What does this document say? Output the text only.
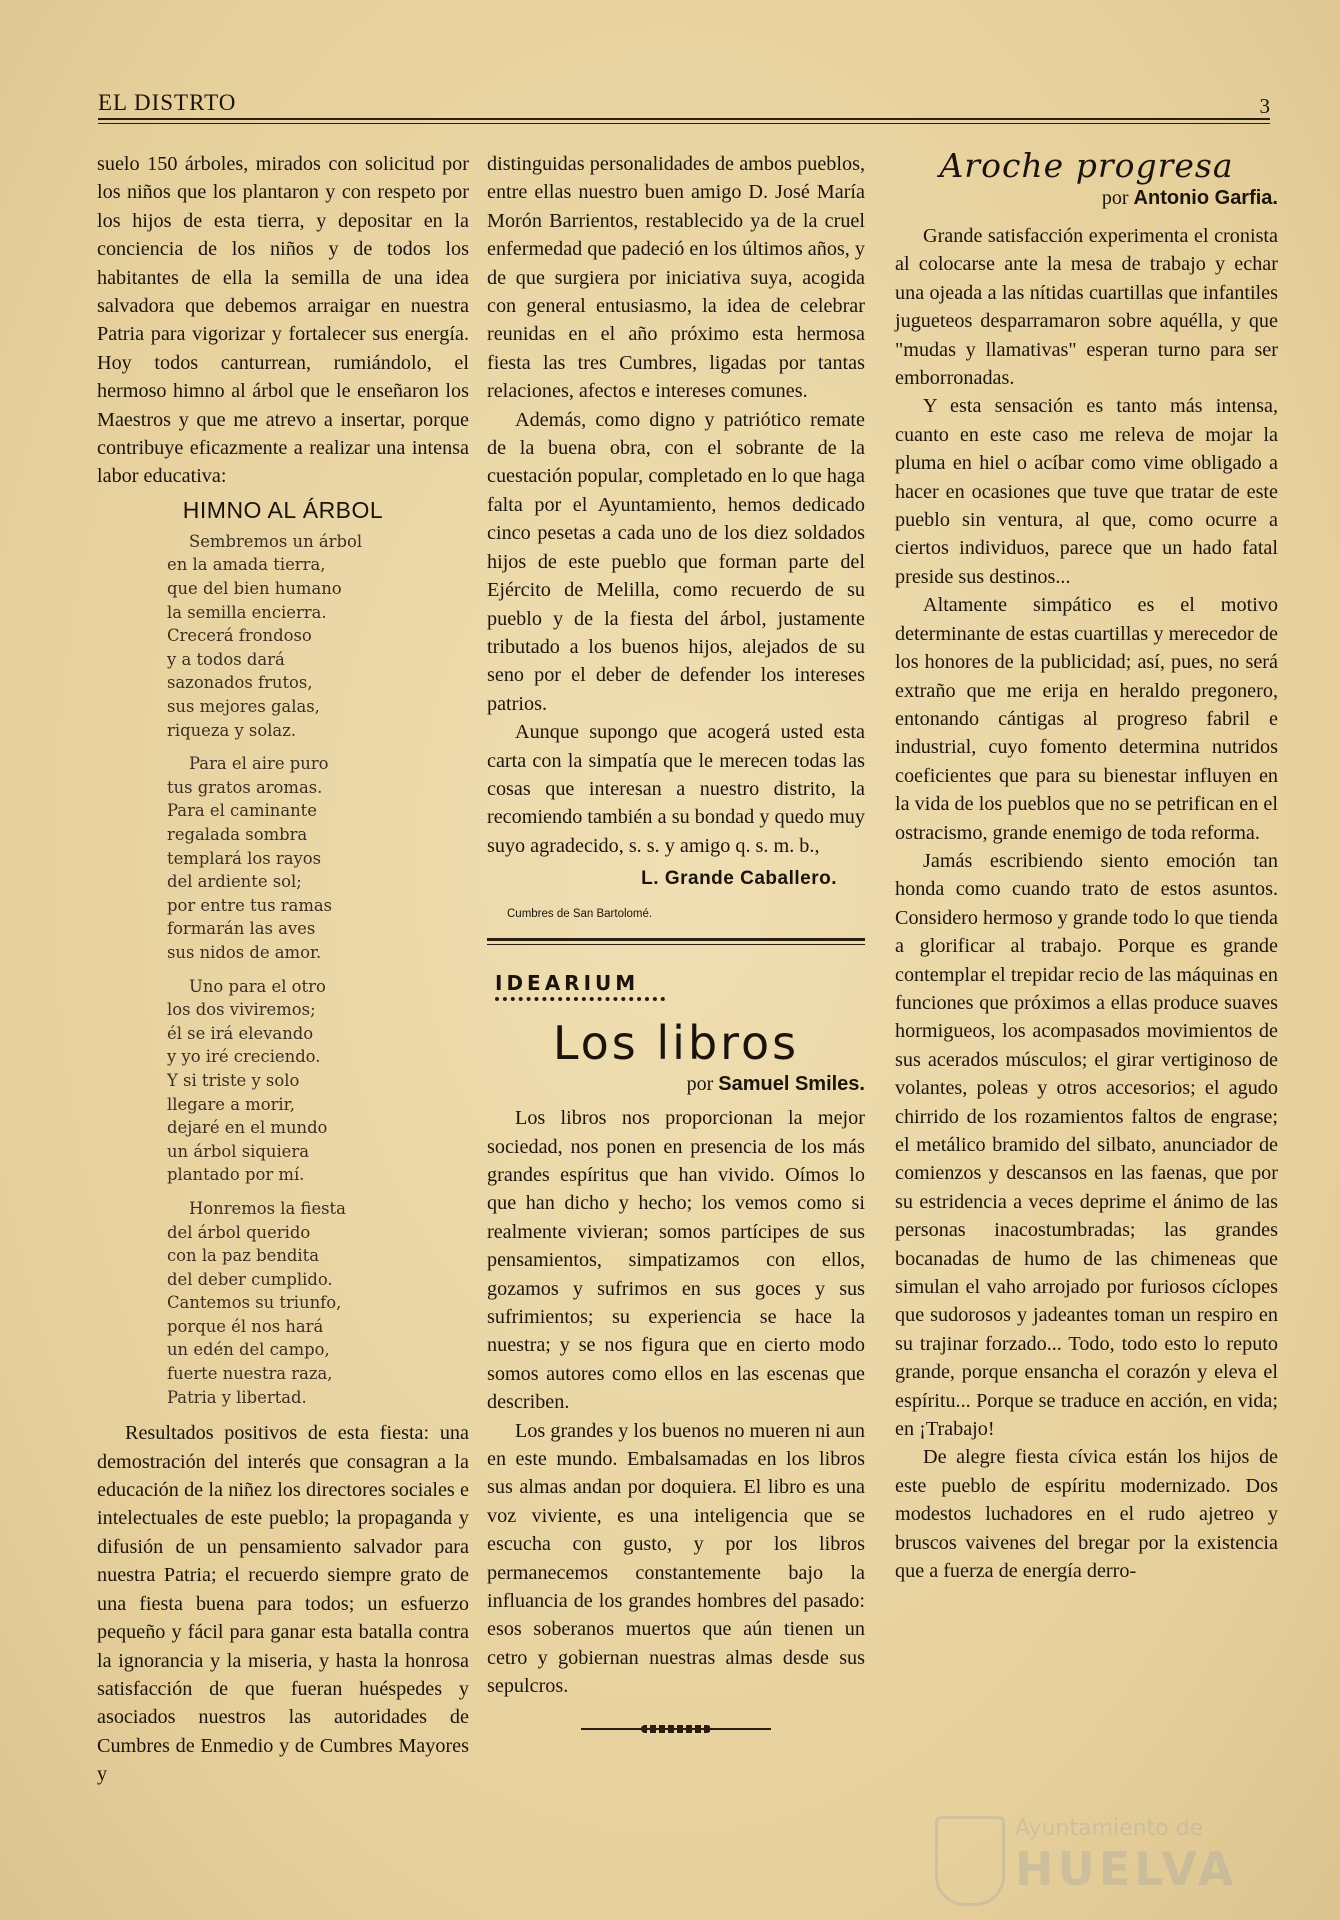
EL DISTRTO	3

suelo 150 árboles, mirados con solicitud por los niños que los plantaron y con respeto por los hijos de esta tierra, y depositar en la conciencia de los niños y de todos los habitantes de ella la semilla de una idea salvadora que debemos arraigar en nuestra Patria para vigorizar y fortalecer sus energía. Hoy todos canturrean, rumiándolo, el hermoso himno al árbol que le enseñaron los Maestros y que me atrevo a insertar, porque contribuye eficazmente a realizar una intensa labor educativa:

HIMNO AL ÁRBOL
Sembremos un árbol
en la amada tierra,
que del bien humano
la semilla encierra.
Crecerá frondoso
y a todos dará
sazonados frutos,
sus mejores galas,
riqueza y solaz.
Para el aire puro
tus gratos aromas.
Para el caminante
regalada sombra
templará los rayos
del ardiente sol;
por entre tus ramas
formarán las aves
sus nidos de amor.
Uno para el otro
los dos viviremos;
él se irá elevando
y yo iré creciendo.
Y si triste y solo
llegare a morir,
dejaré en el mundo
un árbol siquiera
plantado por mí.
Honremos la fiesta
del árbol querido
con la paz bendita
del deber cumplido.
Cantemos su triunfo,
porque él nos hará
un edén del campo,
fuerte nuestra raza,
Patria y libertad.

Resultados positivos de esta fiesta: una demostración del interés que consagran a la educación de la niñez los directores sociales e intelectuales de este pueblo; la propaganda y difusión de un pensamiento salvador para nuestra Patria; el recuerdo siempre grato de una fiesta buena para todos; un esfuerzo pequeño y fácil para ganar esta batalla contra la ignorancia y la miseria, y hasta la honrosa satisfacción de que fueran huéspedes y asociados nuestros las autoridades de Cumbres de Enmedio y de Cumbres Mayores y

distinguidas personalidades de ambos pueblos, entre ellas nuestro buen amigo D. José María Morón Barrientos, restablecido ya de la cruel enfermedad que padeció en los últimos años, y de que surgiera por iniciativa suya, acogida con general entusiasmo, la idea de celebrar reunidas en el año próximo esta hermosa fiesta las tres Cumbres, ligadas por tantas relaciones, afectos e intereses comunes.

Además, como digno y patriótico remate de la buena obra, con el sobrante de la cuestación popular, completado en lo que haga falta por el Ayuntamiento, hemos dedicado cinco pesetas a cada uno de los diez soldados hijos de este pueblo que forman parte del Ejército de Melilla, como recuerdo de su pueblo y de la fiesta del árbol, justamente tributado a los buenos hijos, alejados de su seno por el deber de defender los intereses patrios.

Aunque supongo que acogerá usted esta carta con la simpatía que le merecen todas las cosas que interesan a nuestro distrito, la recomiendo también a su bondad y quedo muy suyo agradecido, s. s. y amigo q. s. m. b.,

L. Grande Caballero.
Cumbres de San Bartolomé.
IDEARIUM
Los libros
por Samuel Smiles.

Los libros nos proporcionan la mejor sociedad, nos ponen en presencia de los más grandes espíritus que han vivido. Oímos lo que han dicho y hecho; los vemos como si realmente vivieran; somos partícipes de sus pensamientos, simpatizamos con ellos, gozamos y sufrimos en sus goces y sus sufrimientos; su experiencia se hace la nuestra; y se nos figura que en cierto modo somos autores como ellos en las escenas que describen.

Los grandes y los buenos no mueren ni aun en este mundo. Embalsamadas en los libros sus almas andan por doquiera. El libro es una voz viviente, es una inteligencia que se escucha con gusto, y por los libros permanecemos constantemente bajo la influancia de los grandes hombres del pasado: esos soberanos muertos que aún tienen un cetro y gobiernan nuestras almas desde sus sepulcros.

Aroche progresa
por Antonio Garfia.

Grande satisfacción experimenta el cronista al colocarse ante la mesa de trabajo y echar una ojeada a las nítidas cuartillas que infantiles jugueteos desparramaron sobre aquélla, y que "mudas y llamativas" esperan turno para ser emborronadas.

Y esta sensación es tanto más intensa, cuanto en este caso me releva de mojar la pluma en hiel o acíbar como vime obligado a hacer en ocasiones que tuve que tratar de este pueblo sin ventura, al que, como ocurre a ciertos individuos, parece que un hado fatal preside sus destinos...

Altamente simpático es el motivo determinante de estas cuartillas y merecedor de los honores de la publicidad; así, pues, no será extraño que me erija en heraldo pregonero, entonando cántigas al progreso fabril e industrial, cuyo fomento determina nutridos coeficientes que para su bienestar influyen en la vida de los pueblos que no se petrifican en el ostracismo, grande enemigo de toda reforma.

Jamás escribiendo siento emoción tan honda como cuando trato de estos asuntos. Considero hermoso y grande todo lo que tienda a glorificar al trabajo. Porque es grande contemplar el trepidar recio de las máquinas en funciones que próximos a ellas produce suaves hormigueos, los acompasados movimientos de sus acerados músculos; el girar vertiginoso de volantes, poleas y otros accesorios; el agudo chirrido de los rozamientos faltos de engrase; el metálico bramido del silbato, anunciador de comienzos y descansos en las faenas, que por su estridencia a veces deprime el ánimo de las personas inacostumbradas; las grandes bocanadas de humo de las chimeneas que simulan el vaho arrojado por furiosos cíclopes que sudorosos y jadeantes toman un respiro en su trajinar forzado... Todo, todo esto lo reputo grande, porque ensancha el corazón y eleva el espíritu... Porque se traduce en acción, en vida; en ¡Trabajo!

De alegre fiesta cívica están los hijos de este pueblo de espíritu modernizado. Dos modestos luchadores en el rudo ajetreo y bruscos vaivenes del bregar por la existencia que a fuerza de energía derro-

Ayuntamiento de
HUELVA
